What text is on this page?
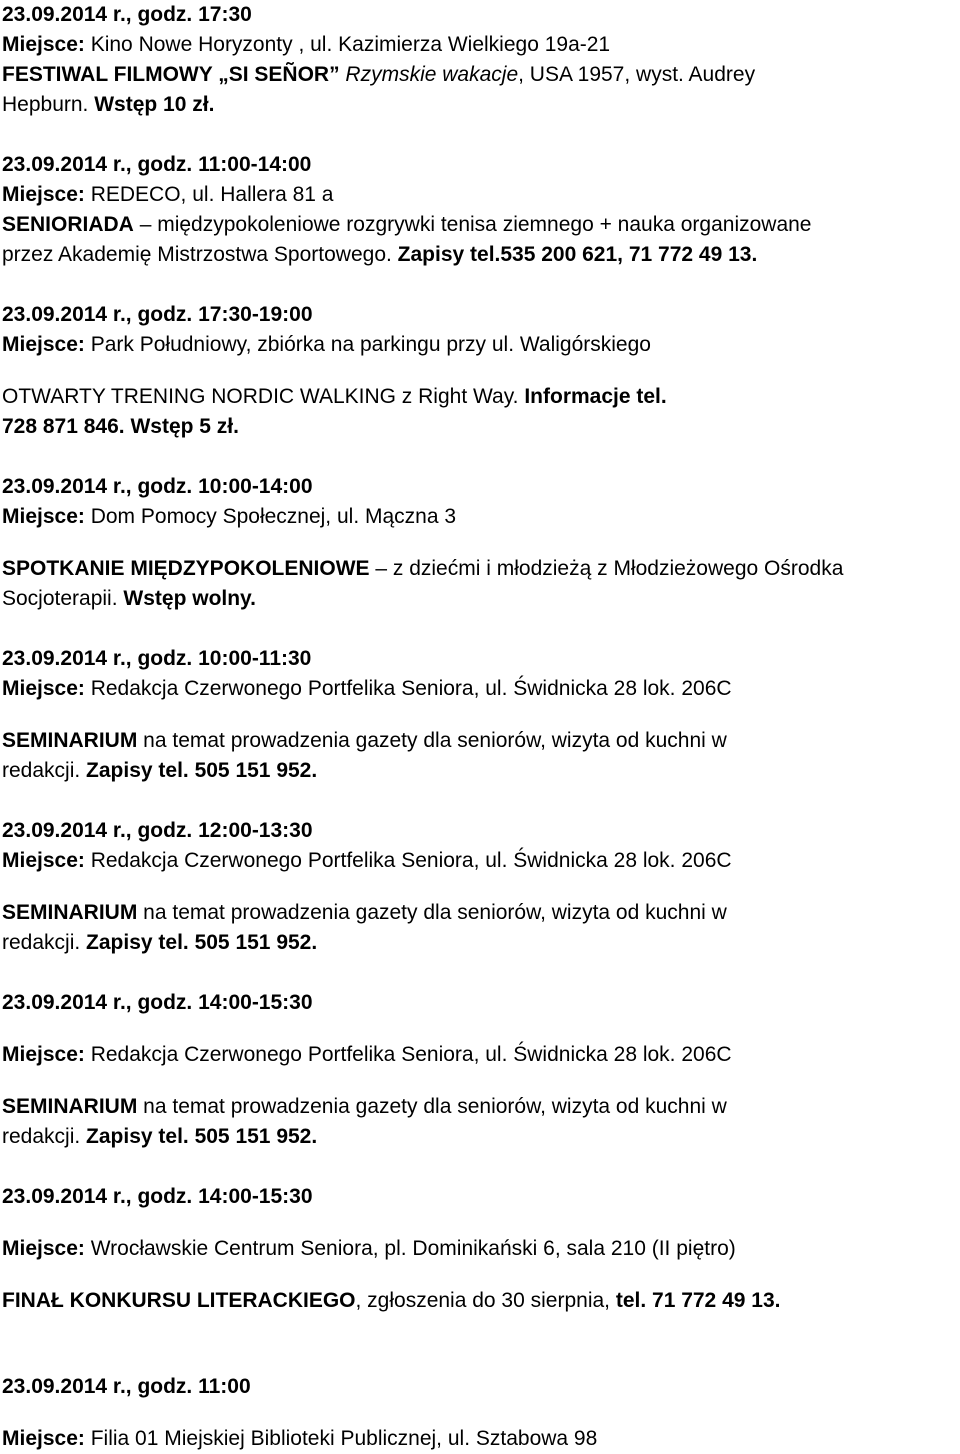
23.09.2014 r., godz. 17:30

Miejsce: Kino Nowe Horyzonty , ul. Kazimierza Wielkiego 19a-21

FESTIWAL FILMOWY „SI SEÑOR” Rzymskie wakacje, USA 1957, wyst. Audrey

Hepburn. Wstęp 10 zł.

23.09.2014 r., godz. 11:00-14:00

Miejsce: REDECO, ul. Hallera 81 a

SENIORIADA – międzypokoleniowe rozgrywki tenisa ziemnego + nauka organizowane

przez Akademię Mistrzostwa Sportowego. Zapisy tel.535 200 621, 71 772 49 13.

23.09.2014 r., godz. 17:30-19:00

Miejsce: Park Południowy, zbiórka na parkingu przy ul. Waligórskiego

OTWARTY TRENING NORDIC WALKING z Right Way. Informacje tel.

728 871 846. Wstęp 5 zł.

23.09.2014 r., godz. 10:00-14:00

Miejsce: Dom Pomocy Społecznej, ul. Mączna 3

SPOTKANIE MIĘDZYPOKOLENIOWE – z dziećmi i młodzieżą z Młodzieżowego Ośrodka

Socjoterapii. Wstęp wolny.

23.09.2014 r., godz. 10:00-11:30

Miejsce: Redakcja Czerwonego Portfelika Seniora, ul. Świdnicka 28 lok. 206C

SEMINARIUM na temat prowadzenia gazety dla seniorów, wizyta od kuchni w

redakcji. Zapisy tel. 505 151 952.

23.09.2014 r., godz. 12:00-13:30

Miejsce: Redakcja Czerwonego Portfelika Seniora, ul. Świdnicka 28 lok. 206C

SEMINARIUM na temat prowadzenia gazety dla seniorów, wizyta od kuchni w

redakcji. Zapisy tel. 505 151 952.

23.09.2014 r., godz. 14:00-15:30

Miejsce: Redakcja Czerwonego Portfelika Seniora, ul. Świdnicka 28 lok. 206C

SEMINARIUM na temat prowadzenia gazety dla seniorów, wizyta od kuchni w

redakcji. Zapisy tel. 505 151 952.

23.09.2014 r., godz. 14:00-15:30

Miejsce: Wrocławskie Centrum Seniora, pl. Dominikański 6, sala 210 (II piętro)

FINAŁ KONKURSU LITERACKIEGO, zgłoszenia do 30 sierpnia, tel. 71 772 49 13.

23.09.2014 r., godz. 11:00

Miejsce: Filia 01 Miejskiej Biblioteki Publicznej, ul. Sztabowa 98
